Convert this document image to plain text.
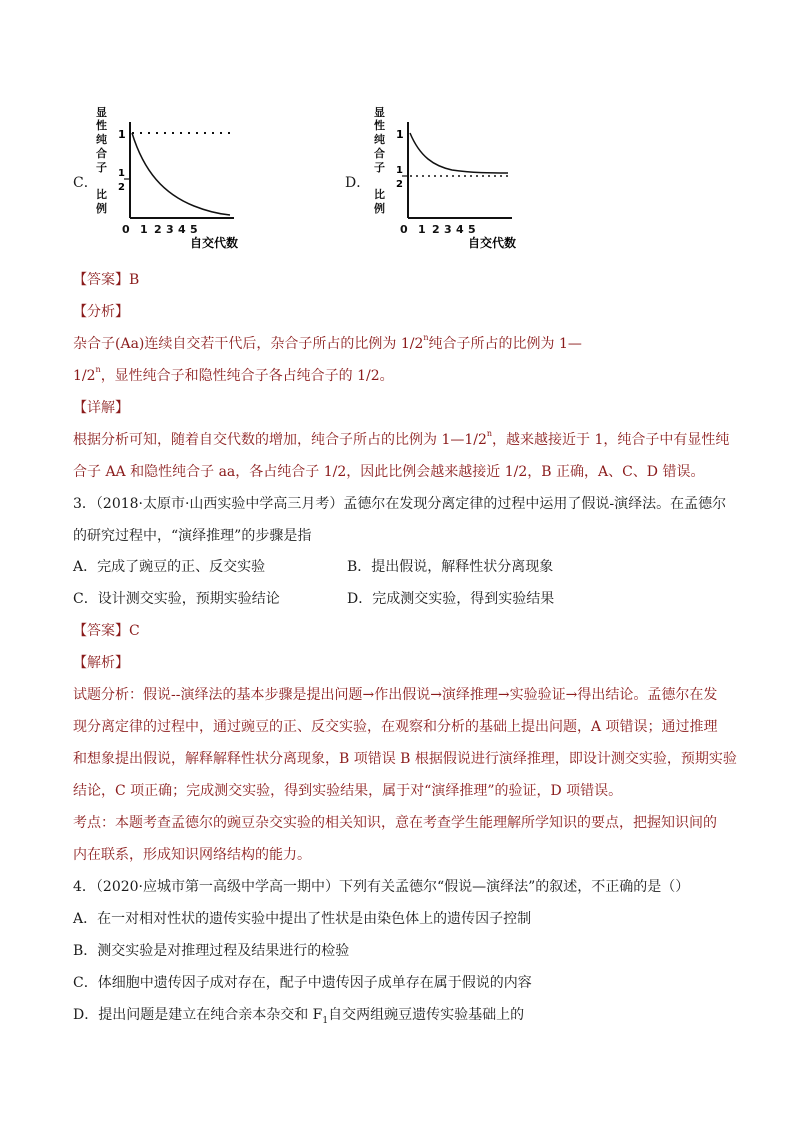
C．
显
性
纯
合
子
比
例
1
1
2
0 1 2 3 4 5
自交代数
D．
显
性
纯
合
子
比
例
1
1
2
0 1 2 3 4 5
自交代数
【答案】B
【分析】
杂合子(Aa)连续自交若干代后，杂合子所占的比例为 1/2$^n$纯合子所占的比例为 1—
1/2$^n$，显性纯合子和隐性纯合子各占纯合子的 1/2。
【详解】
根据分析可知，随着自交代数的增加，纯合子所占的比例为 1—1/2$^n$，越来越接近于 1，纯合子中有显性纯
合子 AA 和隐性纯合子 aa，各占纯合子 1/2，因此比例会越来越接近 1/2，B 正确，A、C、D 错误。
3．（2018·太原市·山西实验中学高三月考）孟德尔在发现分离定律的过程中运用了假说-演绎法。在孟德尔
的研究过程中，“演绎推理”的步骤是指
A．完成了豌豆的正、反交实验	B．提出假说，解释性状分离现象
C．设计测交实验，预期实验结论	D．完成测交实验，得到实验结果
【答案】C
【解析】
试题分析：假说--演绎法的基本步骤是提出问题→作出假说→演绎推理→实验验证→得出结论。孟德尔在发
现分离定律的过程中，通过豌豆的正、反交实验，在观察和分析的基础上提出问题，A 项错误；通过推理
和想象提出假说，解释解释性状分离现象，B 项错误 B 根据假说进行演绎推理，即设计测交实验，预期实验
结论，C 项正确；完成测交实验，得到实验结果，属于对“演绎推理”的验证，D 项错误。
考点：本题考查孟德尔的豌豆杂交实验的相关知识，意在考查学生能理解所学知识的要点，把握知识间的
内在联系，形成知识网络结构的能力。
4．（2020·应城市第一高级中学高一期中）下列有关孟德尔“假说—演绎法”的叙述，不正确的是（）
A．在一对相对性状的遗传实验中提出了性状是由染色体上的遗传因子控制
B．测交实验是对推理过程及结果进行的检验
C．体细胞中遗传因子成对存在，配子中遗传因子成单存在属于假说的内容
D．提出问题是建立在纯合亲本杂交和 $F_1$自交两组豌豆遗传实验基础上的
